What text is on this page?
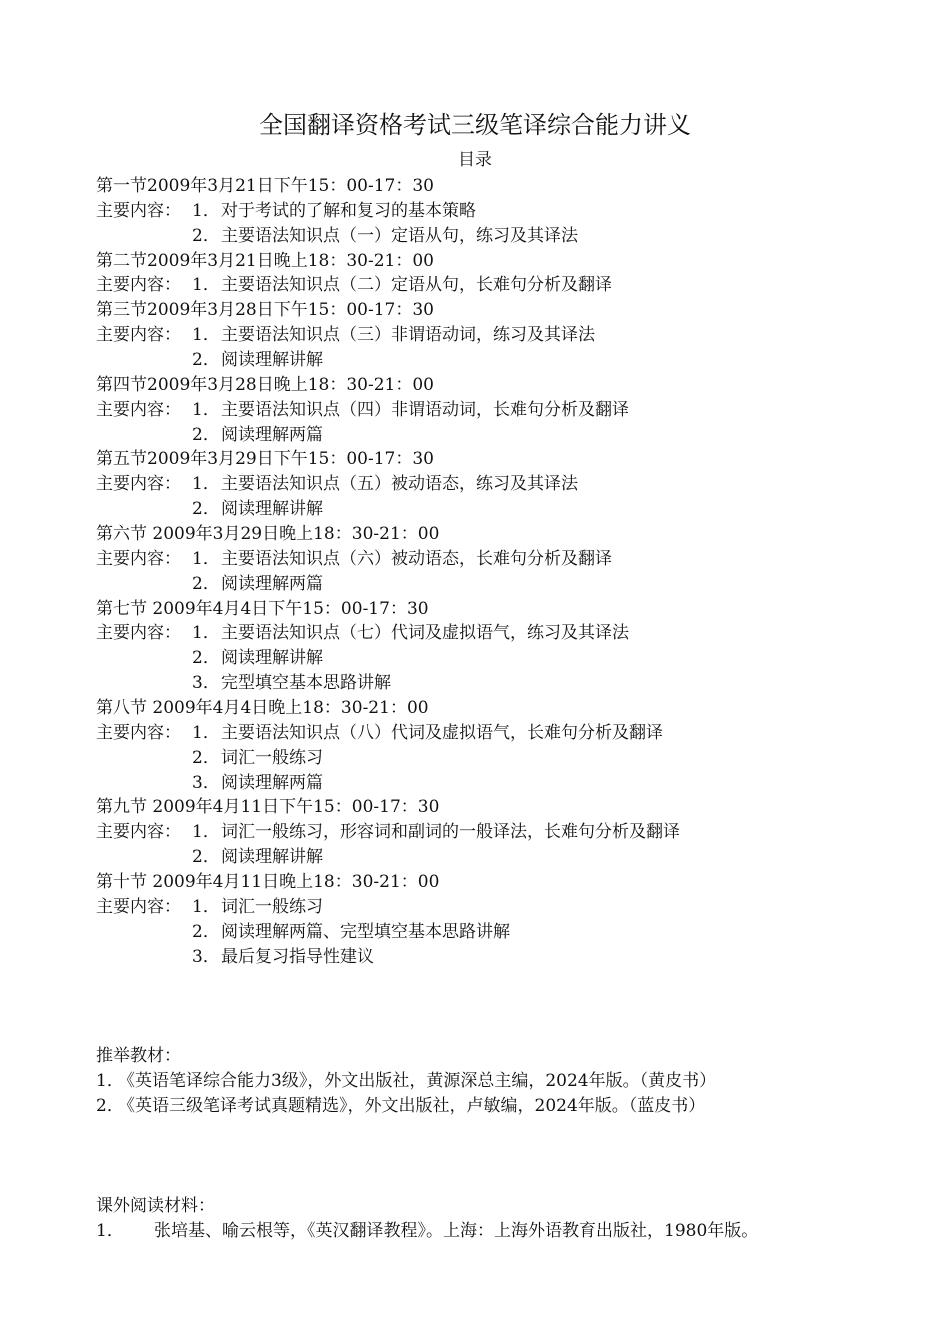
全国翻译资格考试三级笔译综合能力讲义
目录
第一节2009年3月21日下午15：00-17：30
主要内容： 1．对于考试的了解和复习的基本策略
2．主要语法知识点（一）定语从句，练习及其译法
第二节2009年3月21日晚上18：30-21：00
主要内容： 1．主要语法知识点（二）定语从句，长难句分析及翻译
第三节2009年3月28日下午15：00-17：30
主要内容： 1．主要语法知识点（三）非谓语动词，练习及其译法
2．阅读理解讲解
第四节2009年3月28日晚上18：30-21：00
主要内容： 1．主要语法知识点（四）非谓语动词，长难句分析及翻译
2．阅读理解两篇
第五节2009年3月29日下午15：00-17：30
主要内容： 1．主要语法知识点（五）被动语态，练习及其译法
2．阅读理解讲解
第六节 2009年3月29日晚上18：30-21：00
主要内容： 1．主要语法知识点（六）被动语态，长难句分析及翻译
2．阅读理解两篇
第七节 2009年4月4日下午15：00-17：30
主要内容： 1．主要语法知识点（七）代词及虚拟语气，练习及其译法
2．阅读理解讲解
3．完型填空基本思路讲解
第八节 2009年4月4日晚上18：30-21：00
主要内容： 1．主要语法知识点（八）代词及虚拟语气，长难句分析及翻译
2．词汇一般练习
3．阅读理解两篇
第九节 2009年4月11日下午15：00-17：30
主要内容： 1．词汇一般练习，形容词和副词的一般译法，长难句分析及翻译
2．阅读理解讲解
第十节 2009年4月11日晚上18：30-21：00
主要内容： 1．词汇一般练习
2．阅读理解两篇、完型填空基本思路讲解
3．最后复习指导性建议
推举教材：
1．《英语笔译综合能力3级》，外文出版社，黄源深总主编，2024年版。（黄皮书）
2．《英语三级笔译考试真题精选》，外文出版社，卢敏编，2024年版。（蓝皮书）
课外阅读材料：
1． 张培基、喻云根等，《英汉翻译教程》。上海：上海外语教育出版社，1980年版。
